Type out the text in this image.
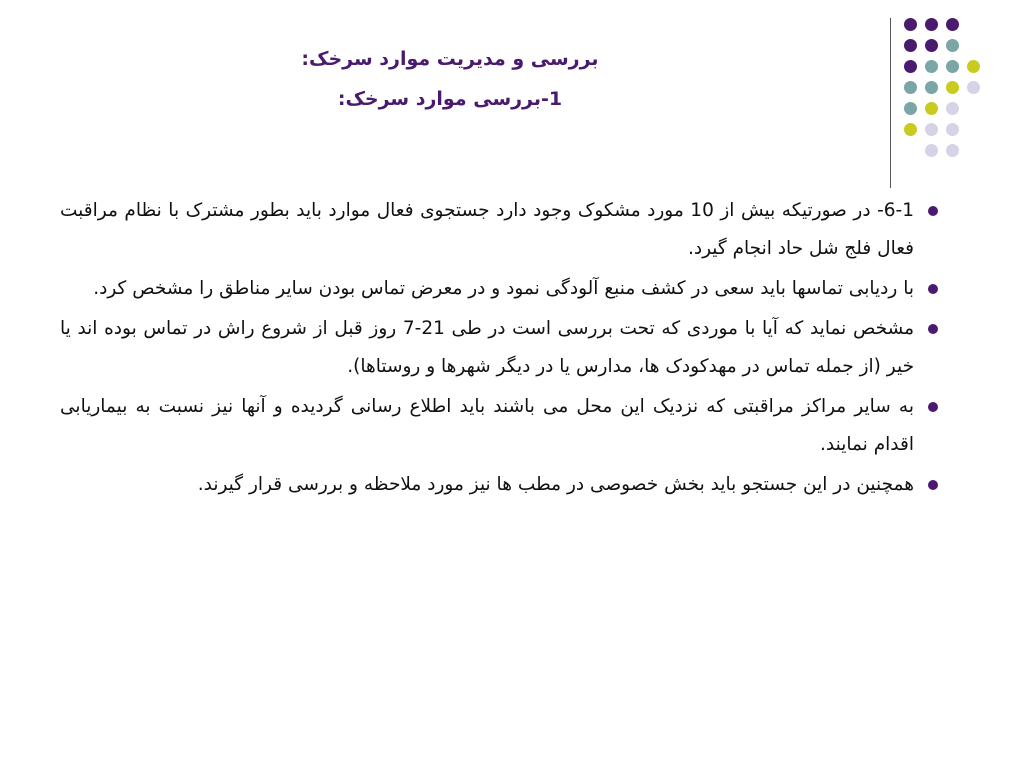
بررسی و مدیریت موارد سرخک:
1-بررسی موارد سرخک:
6-1- در صورتیکه بیش از 10 مورد مشکوک وجود دارد جستجوی فعال موارد باید بطور مشترک با نظام مراقبت فعال فلج شل حاد انجام گیرد.
با ردیابی تماسها باید سعی در کشف منبع آلودگی نمود و در معرض تماس بودن سایر مناطق را مشخص کرد.
مشخص نماید که آیا با موردی که تحت بررسی است در طی 21-7 روز قبل از شروع راش در تماس بوده اند یا خیر (از جمله تماس در مهدکودک ها، مدارس یا در دیگر شهرها و روستاها).
به سایر مراکز مراقبتی که نزدیک این محل می باشند باید اطلاع رسانی گردیده و آنها نیز نسبت به بیماریابی اقدام نمایند.
همچنین در این جستجو باید بخش خصوصی در مطب ها نیز مورد ملاحظه و بررسی قرار گیرند.
